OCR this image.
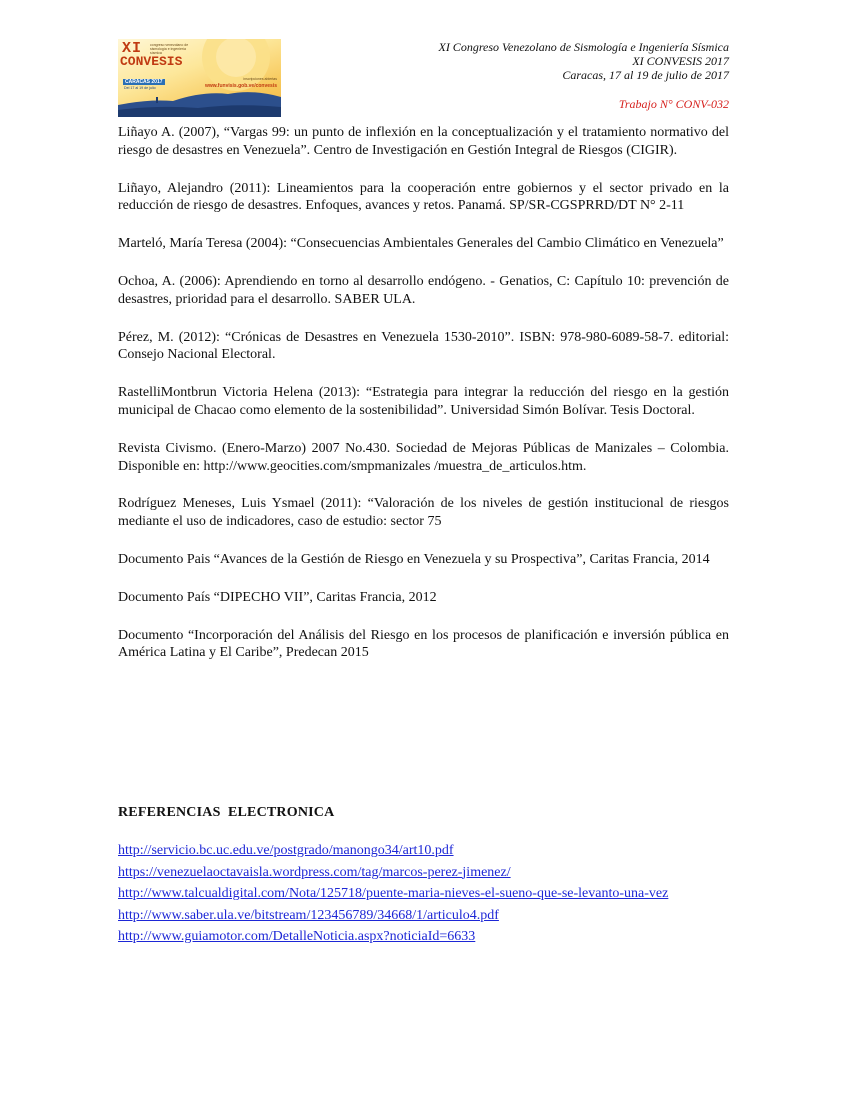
XI
CONVESIS
congreso venezolano de sismología e ingeniería sísmica
CARACAS 2017
Del 17 al 19 de julio
inscripciones abiertas
www.funvisis.gob.ve/convesis
XI Congreso Venezolano de Sismología e Ingeniería Sísmica
XI CONVESIS 2017
Caracas, 17 al 19 de julio de 2017
Trabajo N° CONV-032

Liñayo A. (2007), “Vargas 99: un punto de inflexión en la conceptualización y el tratamiento normativo del riesgo de desastres en Venezuela”. Centro de Investigación en Gestión Integral de Riesgos (CIGIR).

Liñayo, Alejandro (2011): Lineamientos para la cooperación entre gobiernos y el sector privado en la reducción de riesgo de desastres. Enfoques, avances y retos. Panamá. SP/SR-CGSPRRD/DT N° 2-11

Marteló, María Teresa (2004): “Consecuencias Ambientales Generales del Cambio Climático en Venezuela”

Ochoa, A. (2006): Aprendiendo en torno al desarrollo endógeno. - Genatios, C: Capítulo 10: prevención de desastres, prioridad para el desarrollo. SABER ULA.

Pérez, M. (2012): “Crónicas de Desastres en Venezuela 1530-2010”. ISBN: 978-980-6089-58-7. editorial: Consejo Nacional Electoral.

RastelliMontbrun Victoria Helena (2013): “Estrategia para integrar la reducción del riesgo en la gestión municipal de Chacao como elemento de la sostenibilidad”. Universidad Simón Bolívar. Tesis Doctoral.

Revista Civismo. (Enero-Marzo) 2007 No.430. Sociedad de Mejoras Públicas de Manizales – Colombia. Disponible en: http://www.geocities.com/smpmanizales /muestra_de_articulos.htm.

Rodríguez Meneses, Luis Ysmael (2011): “Valoración de los niveles de gestión institucional de riesgos mediante el uso de indicadores, caso de estudio: sector 75

Documento Pais “Avances de la Gestión de Riesgo en Venezuela y su Prospectiva”, Caritas Francia, 2014

Documento País “DIPECHO VII”, Caritas Francia, 2012

Documento “Incorporación del Análisis del Riesgo en los procesos de planificación e inversión pública en América Latina y El Caribe”, Predecan 2015

REFERENCIAS  ELECTRONICA
http://servicio.bc.uc.edu.ve/postgrado/manongo34/art10.pdf
https://venezuelaoctavaisla.wordpress.com/tag/marcos-perez-jimenez/
http://www.talcualdigital.com/Nota/125718/puente-maria-nieves-el-sueno-que-se-levanto-una-vez
http://www.saber.ula.ve/bitstream/123456789/34668/1/articulo4.pdf
http://www.guiamotor.com/DetalleNoticia.aspx?noticiaId=6633
